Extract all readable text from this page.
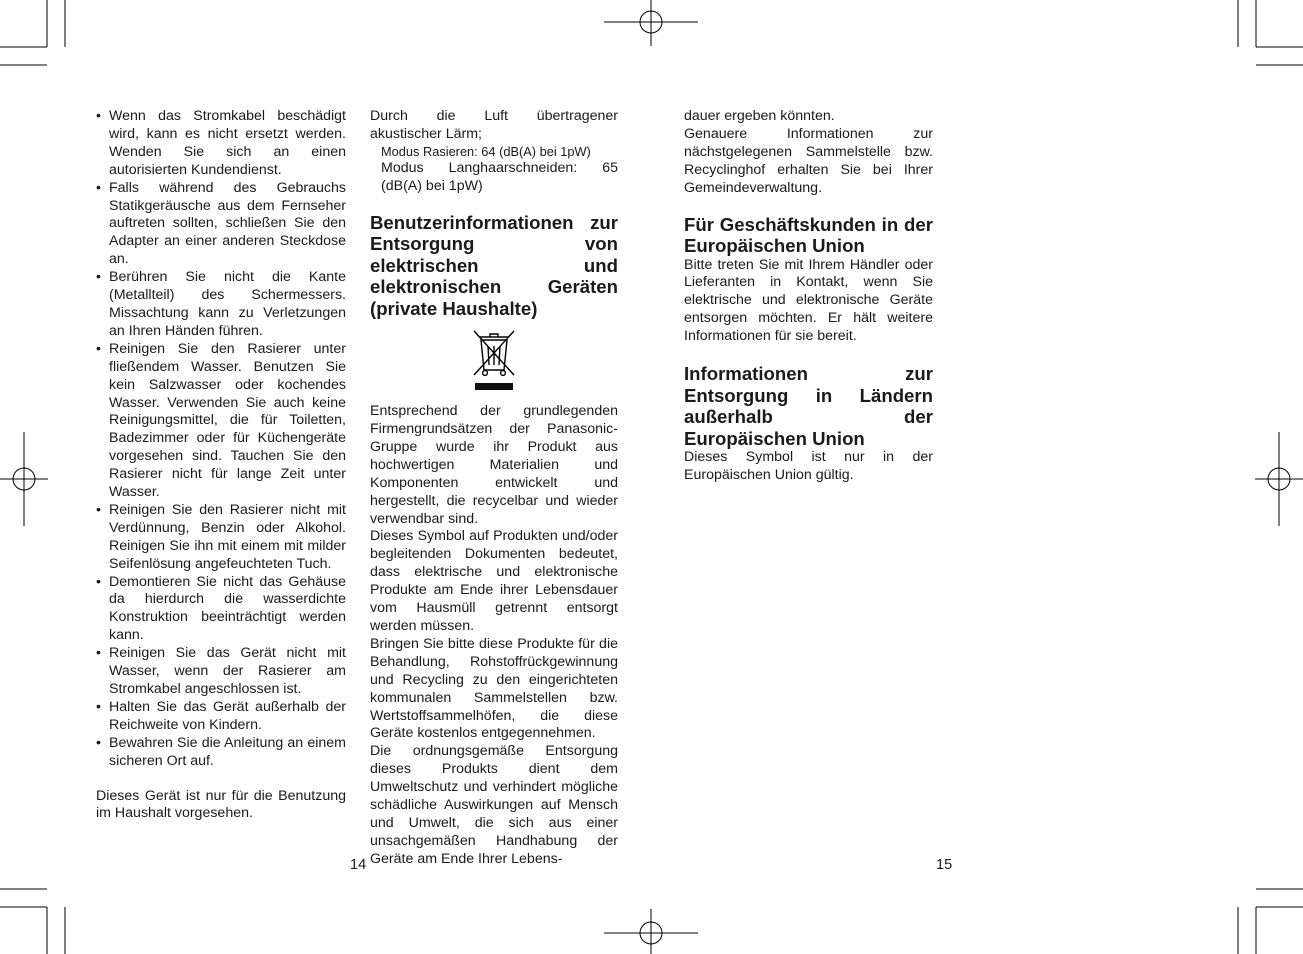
• Wenn das Stromkabel beschädigt wird, kann es nicht ersetzt werden. Wenden Sie sich an einen autorisierten Kundendienst.
• Falls während des Gebrauchs Statikgeräusche aus dem Fernseher auftreten sollten, schließen Sie den Adapter an einer anderen Steckdose an.
• Berühren Sie nicht die Kante (Metallteil) des Schermessers. Missachtung kann zu Verletzungen an Ihren Händen führen.
• Reinigen Sie den Rasierer unter fließendem Wasser. Benutzen Sie kein Salzwasser oder kochendes Wasser. Verwenden Sie auch keine Reinigungsmittel, die für Toiletten, Badezimmer oder für Küchengeräte vorgesehen sind. Tauchen Sie den Rasierer nicht für lange Zeit unter Wasser.
• Reinigen Sie den Rasierer nicht mit Verdünnung, Benzin oder Alkohol. Reinigen Sie ihn mit einem mit milder Seifenlösung angefeuchteten Tuch.
• Demontieren Sie nicht das Gehäuse da hierdurch die wasserdichte Konstruktion beeinträchtigt werden kann.
• Reinigen Sie das Gerät nicht mit Wasser, wenn der Rasierer am Stromkabel angeschlossen ist.
• Halten Sie das Gerät außerhalb der Reichweite von Kindern.
• Bewahren Sie die Anleitung an einem sicheren Ort auf.

Dieses Gerät ist nur für die Benutzung im Haushalt vorgesehen.

Durch die Luft übertragener akustischer Lärm;

Modus Rasieren: 64 (dB(A) bei 1pW)

Modus Langhaarschneiden: 65 (dB(A) bei 1pW)

Benutzerinformationen zur Entsorgung von elektrischen und elektronischen Geräten (private Haushalte)

Entsprechend der grundlegenden Firmengrundsätzen der Panasonic-Gruppe wurde ihr Produkt aus hochwertigen Materialien und Komponenten entwickelt und hergestellt, die recycelbar und wieder verwendbar sind.

Dieses Symbol auf Produkten und/oder begleitenden Dokumenten bedeutet, dass elektrische und elektronische Produkte am Ende ihrer Lebensdauer vom Hausmüll getrennt entsorgt werden müssen.

Bringen Sie bitte diese Produkte für die Behandlung, Rohstoffrückgewinnung und Recycling zu den eingerichteten kommunalen Sammelstellen bzw. Wertstoffsammelhöfen, die diese Geräte kostenlos entgegennehmen.

Die ordnungsgemäße Entsorgung dieses Produkts dient dem Umweltschutz und verhindert mögliche schädliche Auswirkungen auf Mensch und Umwelt, die sich aus einer unsachgemäßen Handhabung der Geräte am Ende Ihrer Lebens-

dauer ergeben könnten.

Genauere Informationen zur nächstgelegenen Sammelstelle bzw. Recyclinghof erhalten Sie bei Ihrer Gemeindeverwaltung.

Für Geschäftskunden in der Europäischen Union

Bitte treten Sie mit Ihrem Händler oder Lieferanten in Kontakt, wenn Sie elektrische und elektronische Geräte entsorgen möchten. Er hält weitere Informationen für sie bereit.

Informationen zur Entsorgung in Ländern außerhalb der Europäischen Union

Dieses Symbol ist nur in der Europäischen Union gültig.

14	15
